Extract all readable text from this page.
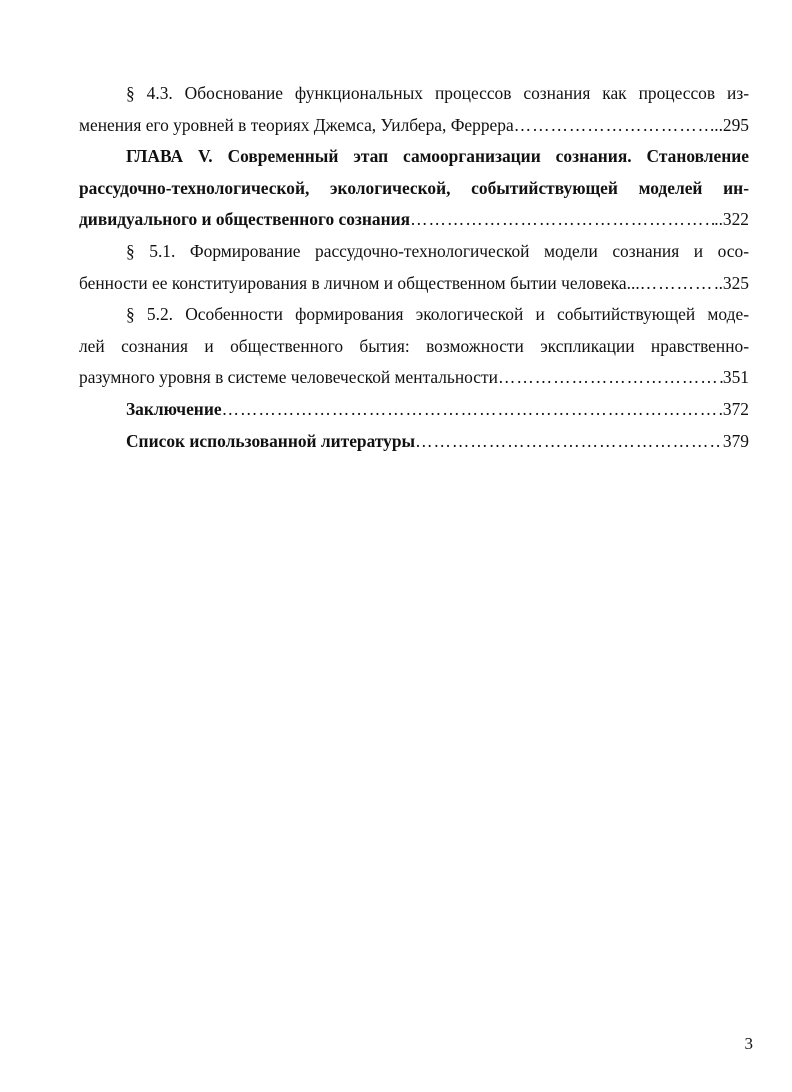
§ 4.3. Обоснование функциональных процессов сознания как процессов из-
менения его уровней в теориях Джемса, Уилбера, Феррера …………………………………………………………………………………………………………………………………………………………………………………………	..295
ГЛАВА V. Современный этап самоорганизации сознания. Становление
рассудочно-технологической, экологической, событийствующей моделей ин-
дивидуального и общественного сознания …………………………………………………………………………………………………………………………………………………………………………………………	..322
§ 5.1. Формирование рассудочно-технологической модели сознания и осо-
бенности ее конституирования в личном и общественном бытии человека... …………………………………………………………………………………………………………………………………………………………………………………………	..325
§ 5.2. Особенности формирования экологической и событийствующей моде-
лей сознания и общественного бытия: возможности экспликации нравственно-
разумного уровня в системе человеческой ментальности …………………………………………………………………………………………………………………………………………………………………………………………	351
Заключение …………………………………………………………………………………………………………………………………………………………………………………………	.372
Список использованной литературы …………………………………………………………………………………………………………………………………………………………………………………………	379
3
